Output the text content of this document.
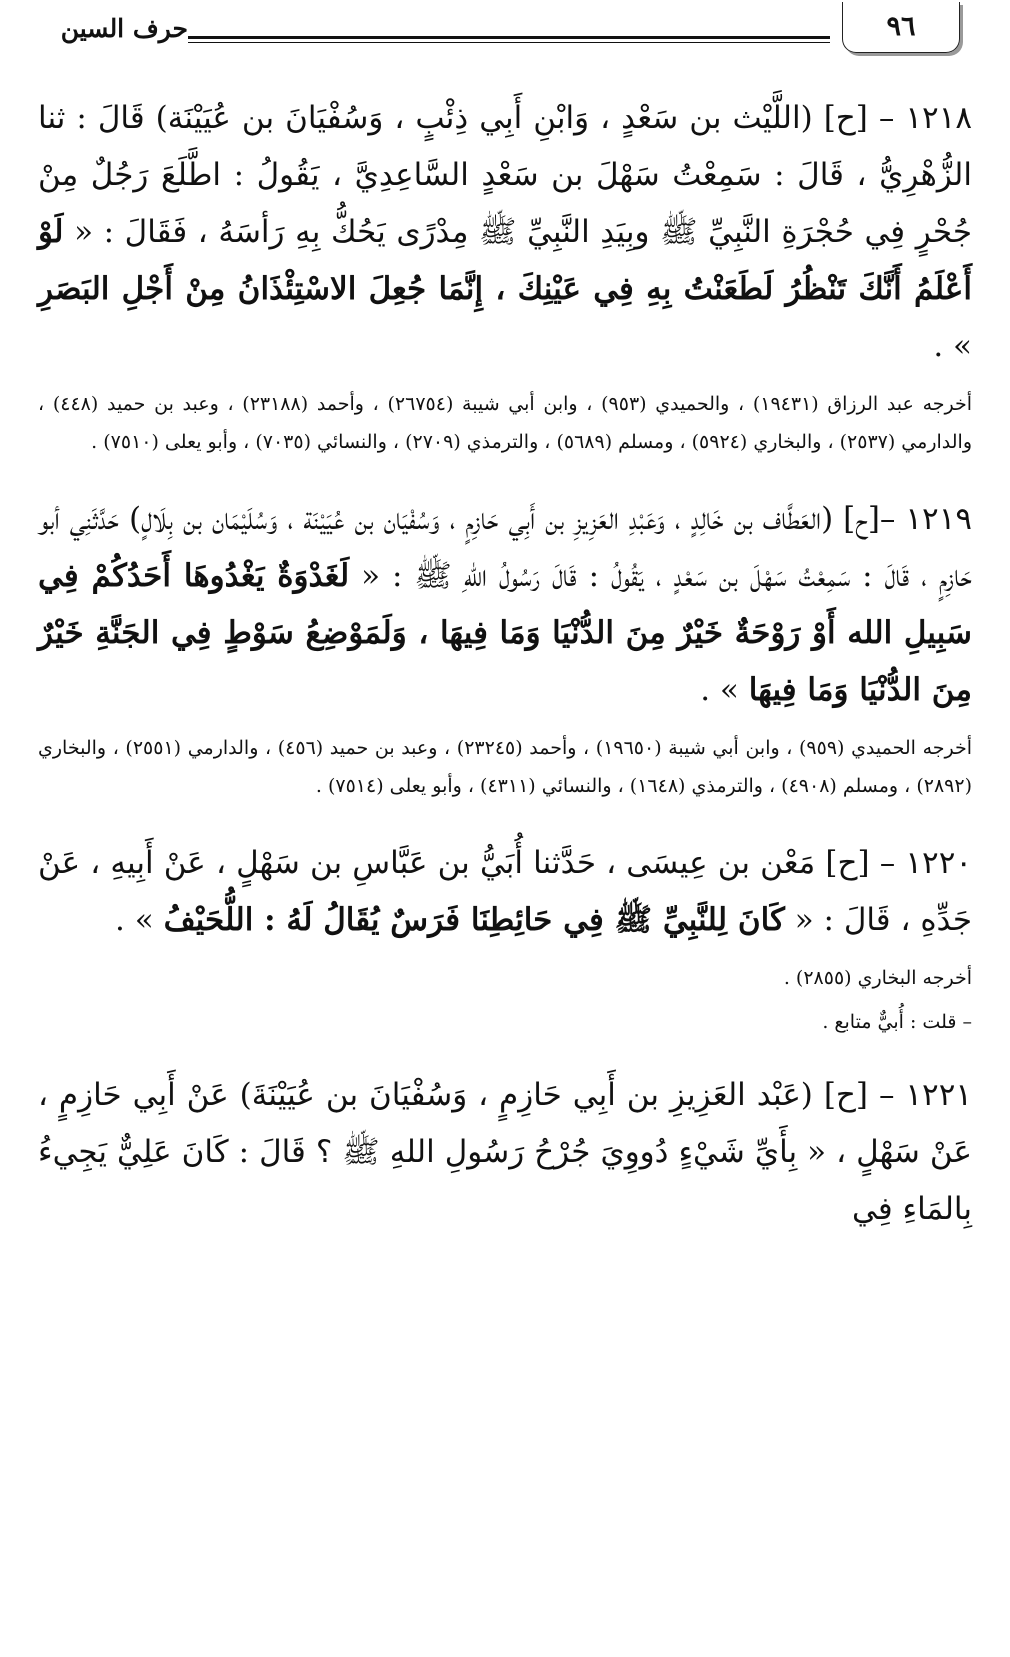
٩٦
حرف السين

١٢١٨ – [ح] (اللَّيْث بن سَعْدٍ ، وَابْنِ أَبِي ذِئْبٍ ، وَسُفْيَانَ بن عُيَيْنَة) قَالَ : ثنا الزُّهْرِيُّ ، قَالَ : سَمِعْتُ سَهْلَ بن سَعْدٍ السَّاعِدِيَّ ، يَقُولُ : اطَّلَعَ رَجُلٌ مِنْ جُحْرٍ فِي حُجْرَةِ النَّبِيِّ ﷺ وبِيَدِ النَّبِيِّ ﷺ مِدْرًى يَحُكُّ بِهِ رَأسَهُ ، فَقَالَ : « لَوْ أَعْلَمُ أَنَّكَ تَنْظُرُ لَطَعَنْتُ بِهِ فِي عَيْنِكَ ، إِنَّمَا جُعِلَ الاسْتِئْذَانُ مِنْ أَجْلِ البَصَرِ » .

أخرجه عبد الرزاق (١٩٤٣١) ، والحميدي (٩٥٣) ، وابن أبي شيبة (٢٦٧٥٤) ، وأحمد (٢٣١٨٨) ، وعبد بن حميد (٤٤٨) ، والدارمي (٢٥٣٧) ، والبخاري (٥٩٢٤) ، ومسلم (٥٦٨٩) ، والترمذي (٢٧٠٩) ، والنسائي (٧٠٣٥) ، وأبو يعلى (٧٥١٠) .

١٢١٩ –[ح] (العَطَّاف بن خَالِدٍ ، وَعَبْدِ العَزِيزِ بن أَبِي حَازِمٍ ، وَسُفْيَان بن عُيَيْنَة ، وَسُلَيْمَان بن بِلَالٍ) حَدَّثَنِي أبو حَازِمٍ ، قَالَ : سَمِعْتُ سَهْلَ بن سَعْدٍ ، يَقُولُ : قَالَ رَسُولُ اللهِ ﷺ : « لَغَدْوَةٌ يَغْدُوهَا أَحَدُكُمْ فِي سَبِيلِ الله أَوْ رَوْحَةٌ خَيْرٌ مِنَ الدُّنْيَا وَمَا فِيهَا ، وَلَمَوْضِعُ سَوْطٍ فِي الجَنَّةِ خَيْرٌ مِنَ الدُّنْيَا وَمَا فِيهَا » .

أخرجه الحميدي (٩٥٩) ، وابن أبي شيبة (١٩٦٥٠) ، وأحمد (٢٣٢٤٥) ، وعبد بن حميد (٤٥٦) ، والدارمي (٢٥٥١) ، والبخاري (٢٨٩٢) ، ومسلم (٤٩٠٨) ، والترمذي (١٦٤٨) ، والنسائي (٤٣١١) ، وأبو يعلى (٧٥١٤) .

١٢٢٠ – [ح] مَعْن بن عِيسَى ، حَدَّثنا أُبَيُّ بن عَبَّاسِ بن سَهْلٍ ، عَنْ أَبِيهِ ، عَنْ جَدِّهِ ، قَالَ : « كَانَ لِلنَّبِيِّ ﷺ فِي حَائِطِنَا فَرَسٌ يُقَالُ لَهُ : اللُّحَيْفُ » .

أخرجه البخاري (٢٨٥٥) .

– قلت : أُبيٌّ متابع .

١٢٢١ – [ح] (عَبْد العَزِيزِ بن أَبِي حَازِمٍ ، وَسُفْيَانَ بن عُيَيْنَةَ) عَنْ أَبِي حَازِمٍ ، عَنْ سَهْلٍ ، « بِأَيِّ شَيْءٍ دُووِيَ جُرْحُ رَسُولِ اللهِ ﷺ ؟ قَالَ : كَانَ عَلِيٌّ يَجِيءُ بِالمَاءِ فِي
